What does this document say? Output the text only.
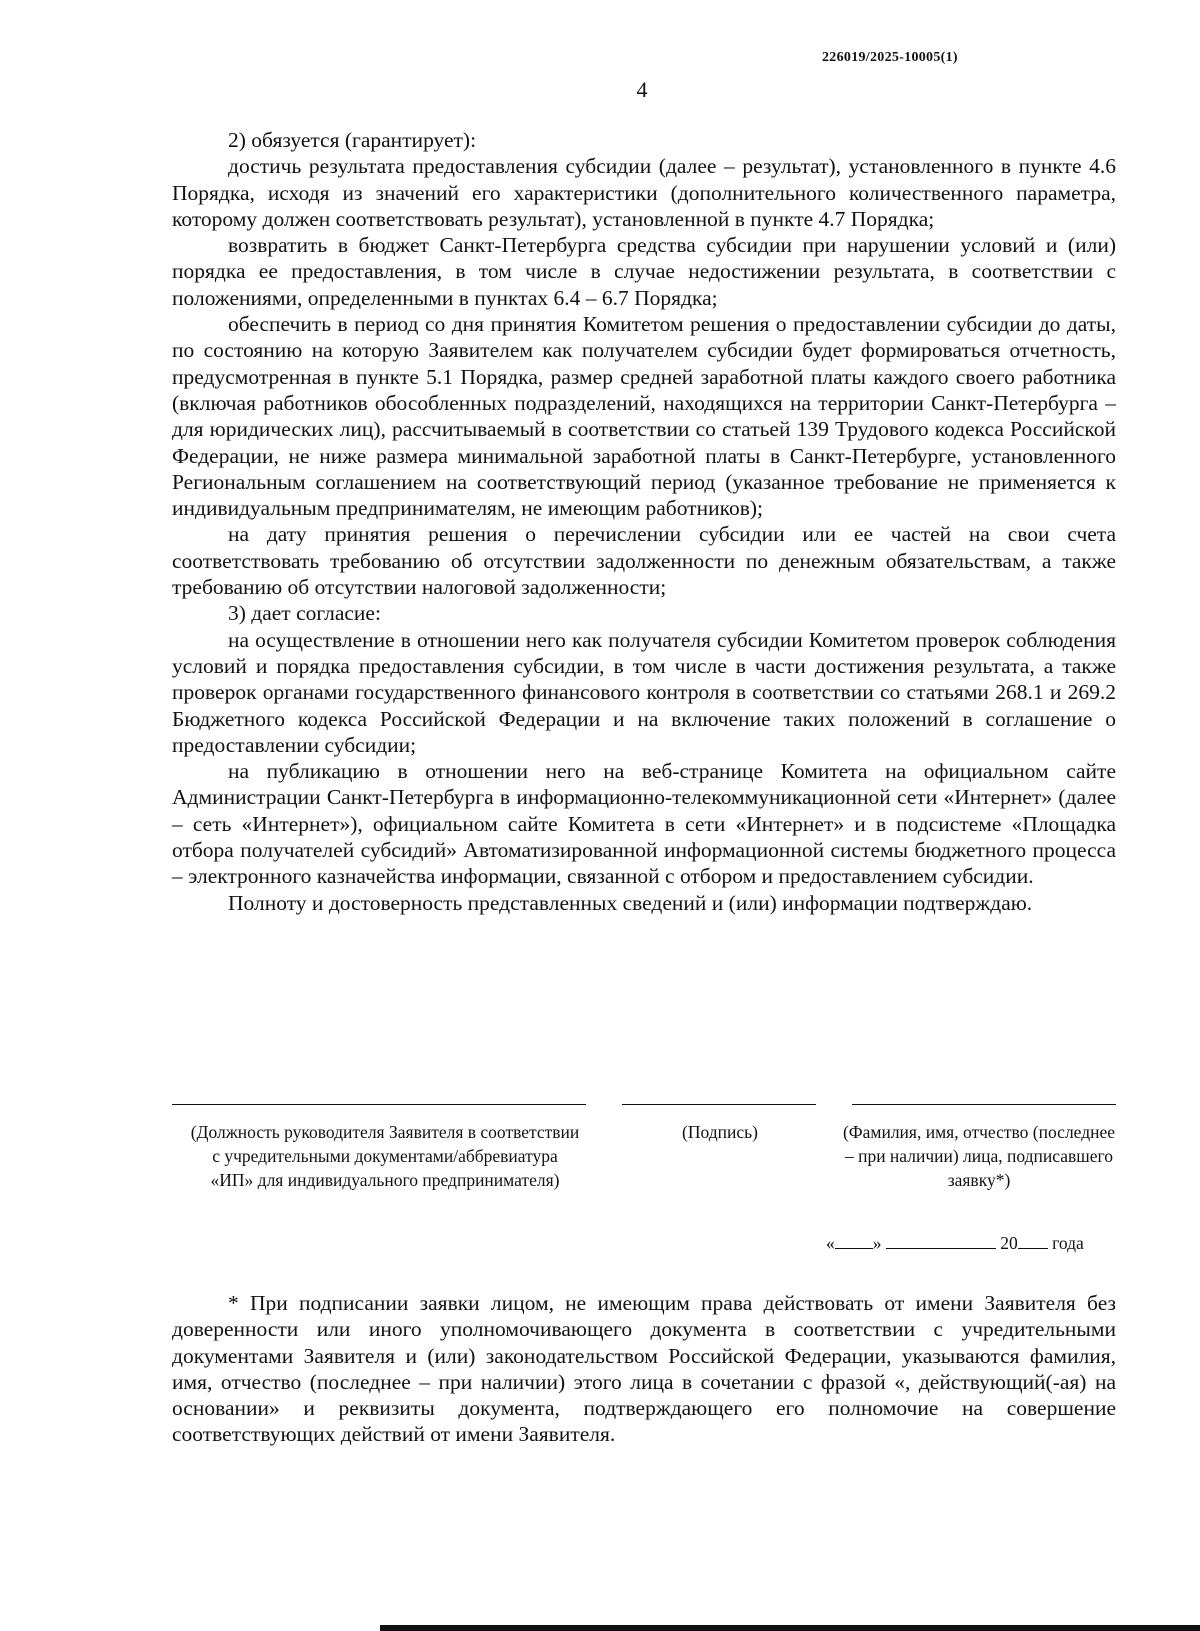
226019/2025-10005(1)
4

2) обязуется (гарантирует):

достичь результата предоставления субсидии (далее – результат), установленного в пункте 4.6 Порядка, исходя из значений его характеристики (дополнительного количественного параметра, которому должен соответствовать результат), установленной в пункте 4.7 Порядка;

возвратить в бюджет Санкт-Петербурга средства субсидии при нарушении условий и (или) порядка ее предоставления, в том числе в случае недостижении результата, в соответствии с положениями, определенными в пунктах 6.4 – 6.7 Порядка;

обеспечить в период со дня принятия Комитетом решения о предоставлении субсидии до даты, по состоянию на которую Заявителем как получателем субсидии будет формироваться отчетность, предусмотренная в пункте 5.1 Порядка, размер средней заработной платы каждого своего работника (включая работников обособленных подразделений, находящихся на территории Санкт-Петербурга – для юридических лиц), рассчитываемый в соответствии со статьей 139 Трудового кодекса Российской Федерации, не ниже размера минимальной заработной платы в Санкт-Петербурге, установленного Региональным соглашением на соответствующий период (указанное требование не применяется к индивидуальным предпринимателям, не имеющим работников);

на дату принятия решения о перечислении субсидии или ее частей на свои счета соответствовать требованию об отсутствии задолженности по денежным обязательствам, а также требованию об отсутствии налоговой задолженности;

3) дает согласие:

на осуществление в отношении него как получателя субсидии Комитетом проверок соблюдения условий и порядка предоставления субсидии, в том числе в части достижения результата, а также проверок органами государственного финансового контроля в соответствии со статьями 268.1 и 269.2 Бюджетного кодекса Российской Федерации и на включение таких положений в соглашение о предоставлении субсидии;

на публикацию в отношении него на веб-странице Комитета на официальном сайте Администрации Санкт-Петербурга в информационно-телекоммуникационной сети «Интернет» (далее – сеть «Интернет»), официальном сайте Комитета в сети «Интернет» и в подсистеме «Площадка отбора получателей субсидий» Автоматизированной информационной системы бюджетного процесса – электронного казначейства информации, связанной с отбором и предоставлением субсидии.

Полноту и достоверность представленных сведений и (или) информации подтверждаю.

(Должность руководителя Заявителя в соответствии с учредительными документами/аббревиатура «ИП» для индивидуального предпринимателя)
(Подпись)	(Фамилия, имя, отчество (последнее – при наличии) лица, подписавшего заявку*)
« »	20 года

* При подписании заявки лицом, не имеющим права действовать от имени Заявителя без доверенности или иного уполномочивающего документа в соответствии с учредительными документами Заявителя и (или) законодательством Российской Федерации, указываются фамилия, имя, отчество (последнее – при наличии) этого лица в сочетании с фразой «, действующий(-ая) на основании» и реквизиты документа, подтверждающего его полномочие на совершение соответствующих действий от имени Заявителя.
